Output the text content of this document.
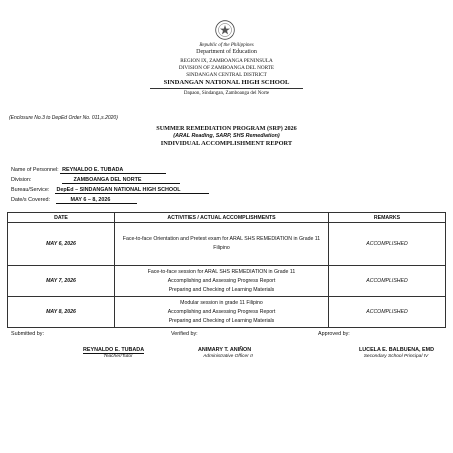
Republic of the Philippines
Department of Education
REGION IX, ZAMBOANGA PENINSULA
DIVISION OF ZAMBOANGA DEL NORTE
SINDANGAN CENTRAL DISTRICT
SINDANGAN NATIONAL HIGH SCHOOL
Dapaon, Sindangan, Zamboanga del Norte
(Enclosure No.3 to DepEd Order No. 011,s.2020)
SUMMER REMEDIATION PROGRAM (SRP) 2026
(ARAL Reading, SARP, SHS Remediation)
INDIVIDUAL ACCOMPLISHMENT REPORT
Name of Personnel: REYNALDO E. TUBADA
Division:	ZAMBOANGA DEL NORTE
Bureau/Service: DepEd – SINDANGAN NATIONAL HIGH SCHOOL
Date/s Covered:	MAY 6 – 8, 2026
DATE	ACTIVITIES / ACTUAL ACCOMPLISHMENTS	REMARKS
MAY 6, 2026	Face-to-face Orientation and Pretest exam for ARAL SHS REMEDIATION in Grade 11
Filipino	ACCOMPLISHED
MAY 7, 2026	Face-to-face session for ARAL SHS REMEDIATION in Grade 11
Accomplishing and Assessing Progress Report
Preparing and Checking of Learning Materials	ACCOMPLISHED
MAY 8, 2026	Modular session in grade 11 Filipino
Accomplishing and Assessing Progress Report
Preparing and Checking of Learning Materials	ACCOMPLISHED
Submitted by:	Verified by:	Approved by:
REYNALDO E. TUBADA​
Teacher/Tutor
ANIMARY T. ANIÑON
Administrative Officer II
LUCELA E. BALBUENA, EMD
Secondary School Principal IV
